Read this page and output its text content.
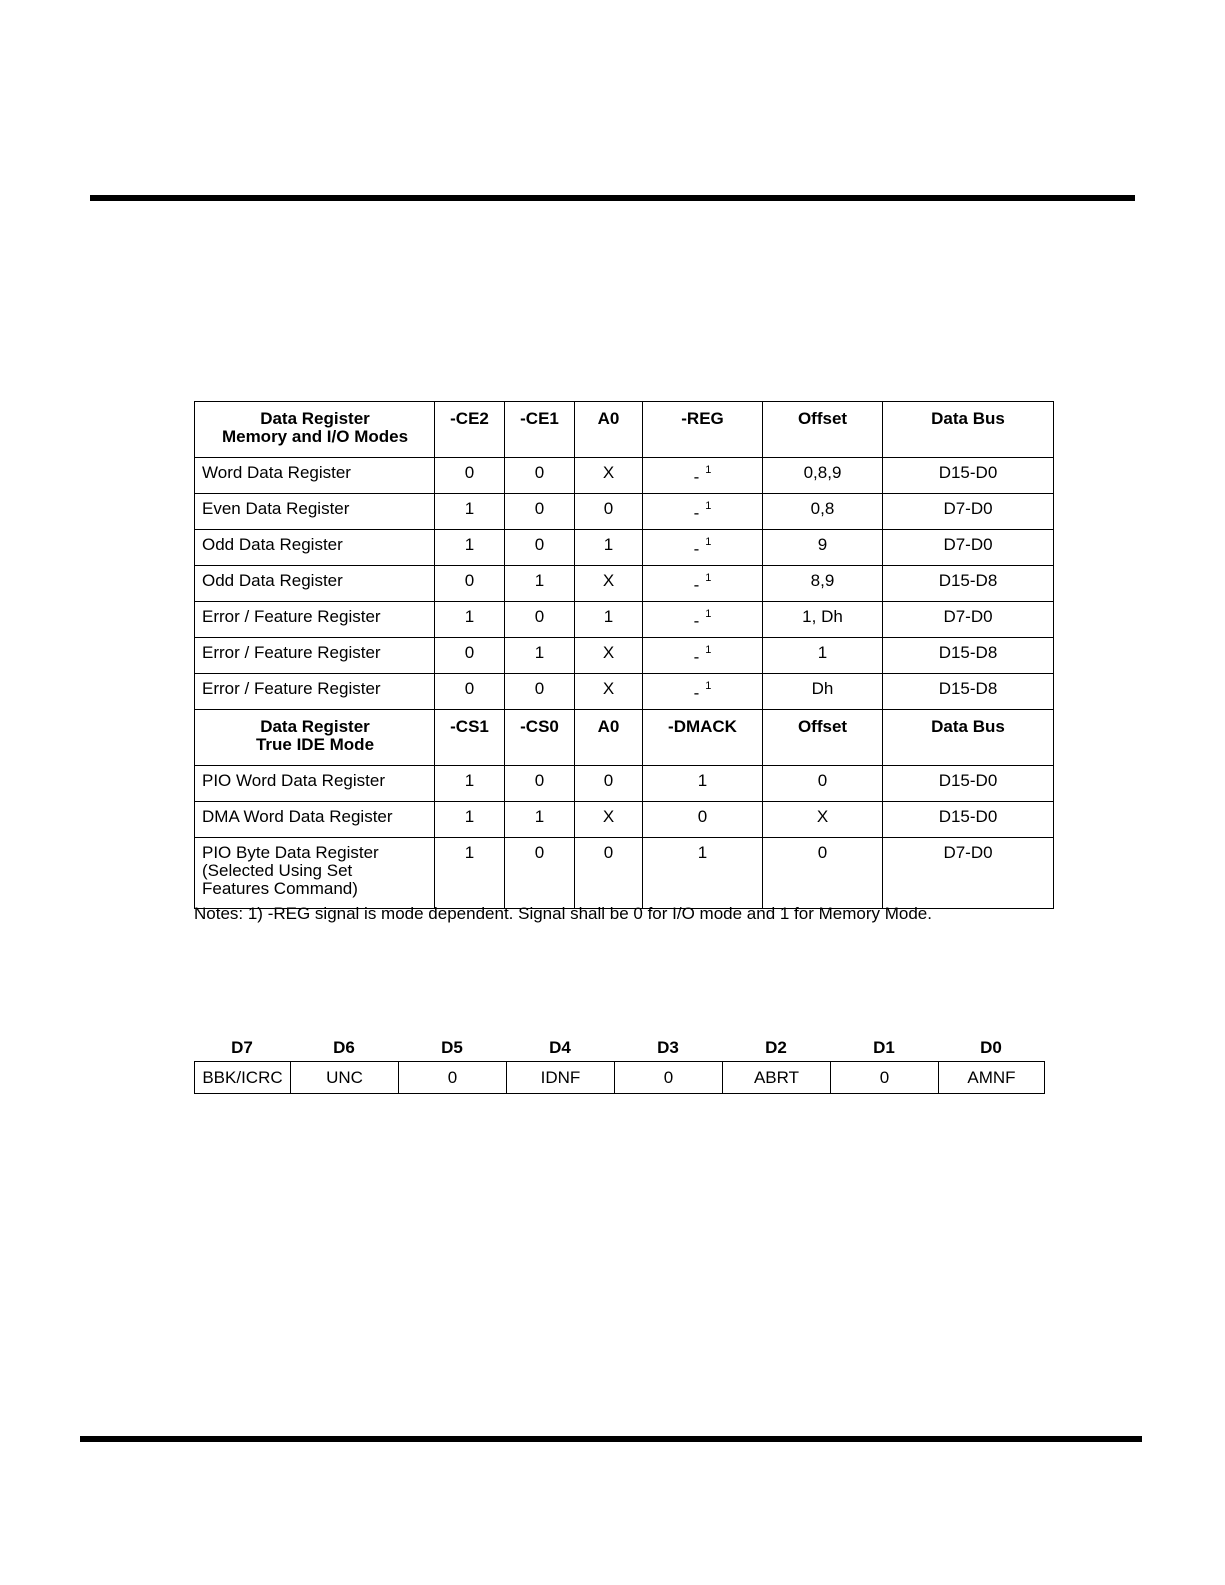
Data Register
Memory and I/O Modes	-CE2	-CE1	A0	-REG	Offset	Data Bus
Word Data Register	0	0	X	- $^1$	0,8,9	D15-D0
Even Data Register	1	0	0	- $^1$	0,8	D7-D0
Odd Data Register	1	0	1	- $^1$	9	D7-D0
Odd Data Register	0	1	X	- $^1$	8,9	D15-D8
Error / Feature Register	1	0	1	- $^1$	1, Dh	D7-D0
Error / Feature Register	0	1	X	- $^1$	1	D15-D8
Error / Feature Register	0	0	X	- $^1$	Dh	D15-D8

Data Register
True IDE Mode	-CS1	-CS0	A0	-DMACK	Offset	Data Bus
PIO Word Data Register	1	0	0	1	0	D15-D0
DMA Word Data Register	1	1	X	0	X	D15-D0

PIO Byte Data Register
(Selected Using Set
Features Command)	1	0	0	1	0	D7-D0
Notes: 1) -REG signal is mode dependent. Signal shall be 0 for I/O mode and 1 for Memory Mode.
D7	D6	D5	D4	D3	D2	D1	D0
BBK/ICRC	UNC	0	IDNF	0	ABRT	0	AMNF
